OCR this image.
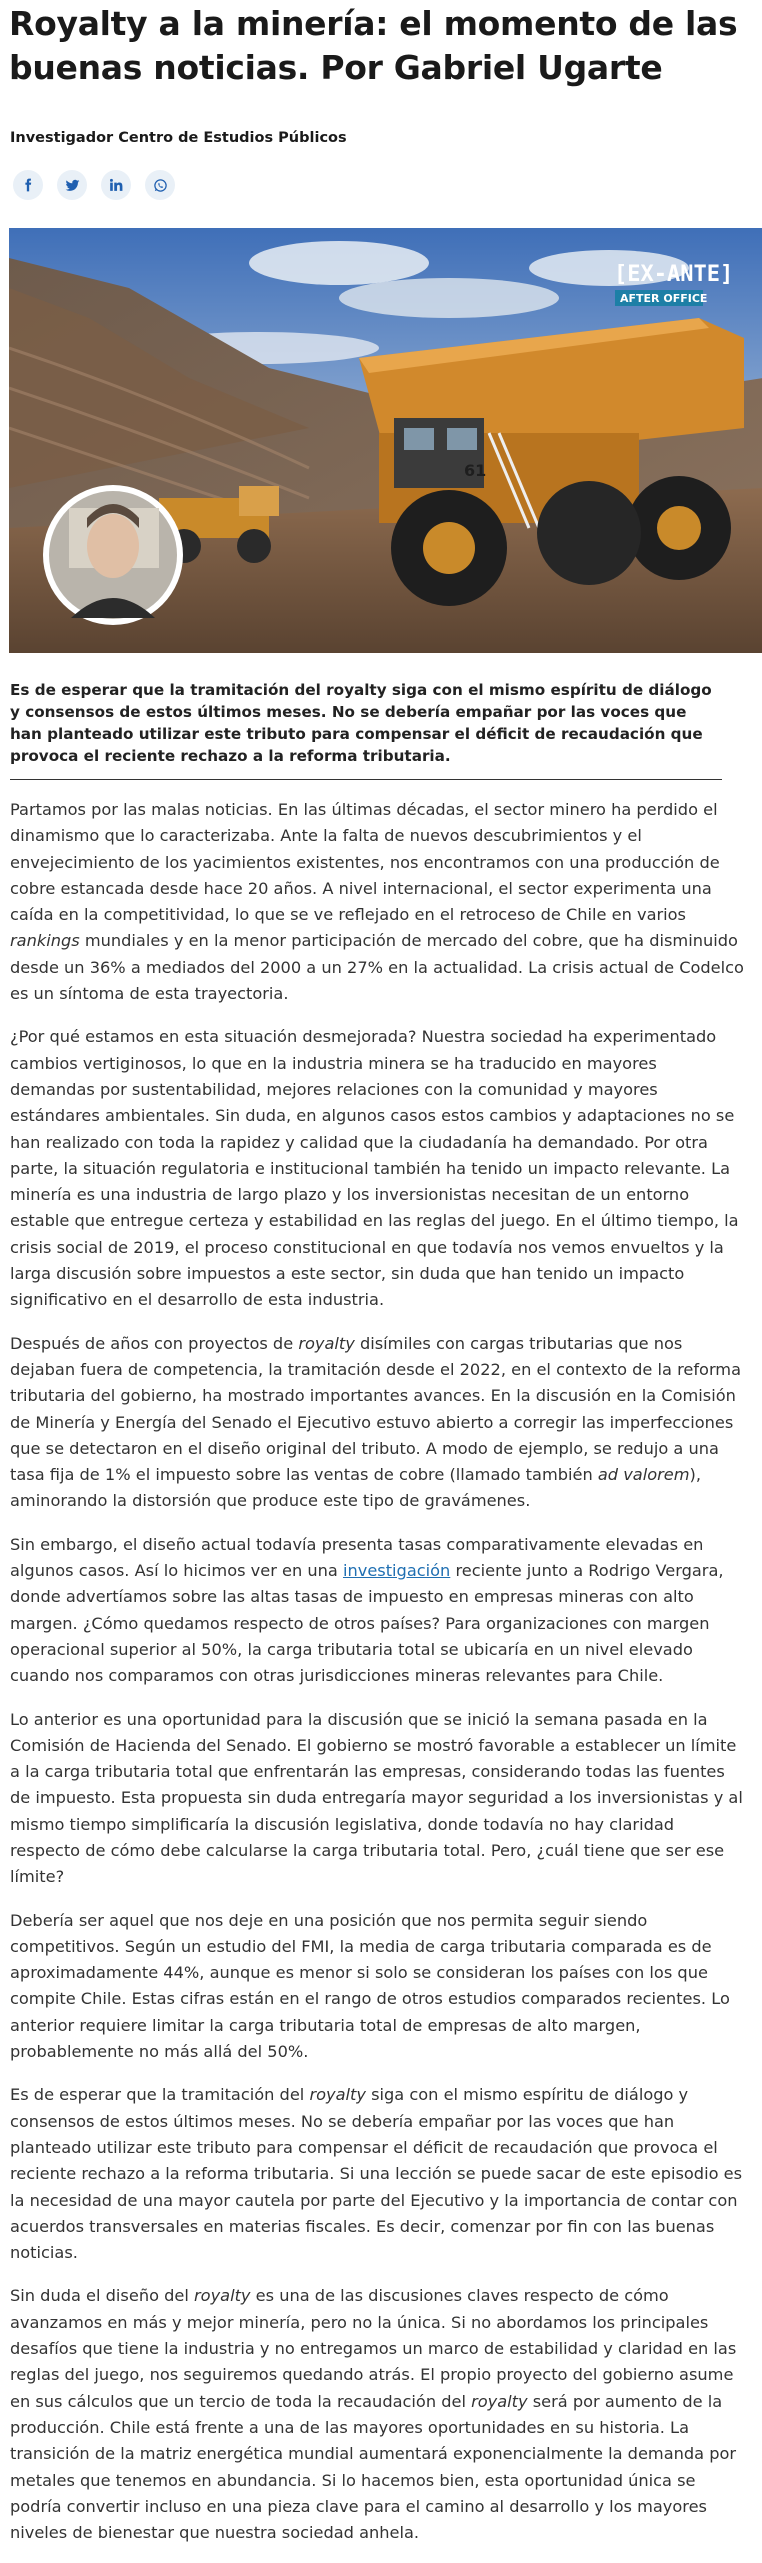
Royalty a la minería: el momento de las buenas noticias. Por Gabriel Ugarte
Investigador Centro de Estudios Públicos
61
[EX-ANTE]
AFTER OFFICE
Es de esperar que la tramitación del royalty siga con el mismo espíritu de diálogo y consensos de estos últimos meses. No se debería empañar por las voces que han planteado utilizar este tributo para compensar el déficit de recaudación que provoca el reciente rechazo a la reforma tributaria.

Partamos por las malas noticias. En las últimas décadas, el sector minero ha perdido el dinamismo que lo caracterizaba. Ante la falta de nuevos descubrimientos y el envejecimiento de los yacimientos existentes, nos encontramos con una producción de cobre estancada desde hace 20 años. A nivel internacional, el sector experimenta una caída en la competitividad, lo que se ve reflejado en el retroceso de Chile en varios rankings mundiales y en la menor participación de mercado del cobre, que ha disminuido desde un 36% a mediados del 2000 a un 27% en la actualidad. La crisis actual de Codelco es un síntoma de esta trayectoria.

¿Por qué estamos en esta situación desmejorada? Nuestra sociedad ha experimentado cambios vertiginosos, lo que en la industria minera se ha traducido en mayores demandas por sustentabilidad, mejores relaciones con la comunidad y mayores estándares ambientales. Sin duda, en algunos casos estos cambios y adaptaciones no se han realizado con toda la rapidez y calidad que la ciudadanía ha demandado. Por otra parte, la situación regulatoria e institucional también ha tenido un impacto relevante. La minería es una industria de largo plazo y los inversionistas necesitan de un entorno estable que entregue certeza y estabilidad en las reglas del juego. En el último tiempo, la crisis social de 2019, el proceso constitucional en que todavía nos vemos envueltos y la larga discusión sobre impuestos a este sector, sin duda que han tenido un impacto significativo en el desarrollo de esta industria.

Después de años con proyectos de royalty disímiles con cargas tributarias que nos dejaban fuera de competencia, la tramitación desde el 2022, en el contexto de la reforma tributaria del gobierno, ha mostrado importantes avances. En la discusión en la Comisión de Minería y Energía del Senado el Ejecutivo estuvo abierto a corregir las imperfecciones que se detectaron en el diseño original del tributo. A modo de ejemplo, se redujo a una tasa fija de 1% el impuesto sobre las ventas de cobre (llamado también ad valorem), aminorando la distorsión que produce este tipo de gravámenes.

Sin embargo, el diseño actual todavía presenta tasas comparativamente elevadas en algunos casos. Así lo hicimos ver en una investigación reciente junto a Rodrigo Vergara, donde advertíamos sobre las altas tasas de impuesto en empresas mineras con alto margen. ¿Cómo quedamos respecto de otros países? Para organizaciones con margen operacional superior al 50%, la carga tributaria total se ubicaría en un nivel elevado cuando nos comparamos con otras jurisdicciones mineras relevantes para Chile.

Lo anterior es una oportunidad para la discusión que se inició la semana pasada en la Comisión de Hacienda del Senado. El gobierno se mostró favorable a establecer un límite a la carga tributaria total que enfrentarán las empresas, considerando todas las fuentes de impuesto. Esta propuesta sin duda entregaría mayor seguridad a los inversionistas y al mismo tiempo simplificaría la discusión legislativa, donde todavía no hay claridad respecto de cómo debe calcularse la carga tributaria total. Pero, ¿cuál tiene que ser ese límite?

Debería ser aquel que nos deje en una posición que nos permita seguir siendo competitivos. Según un estudio del FMI, la media de carga tributaria comparada es de aproximadamente 44%, aunque es menor si solo se consideran los países con los que compite Chile. Estas cifras están en el rango de otros estudios comparados recientes. Lo anterior requiere limitar la carga tributaria total de empresas de alto margen, probablemente no más allá del 50%.

Es de esperar que la tramitación del royalty siga con el mismo espíritu de diálogo y consensos de estos últimos meses. No se debería empañar por las voces que han planteado utilizar este tributo para compensar el déficit de recaudación que provoca el reciente rechazo a la reforma tributaria. Si una lección se puede sacar de este episodio es la necesidad de una mayor cautela por parte del Ejecutivo y la importancia de contar con acuerdos transversales en materias fiscales. Es decir, comenzar por fin con las buenas noticias.

Sin duda el diseño del royalty es una de las discusiones claves respecto de cómo avanzamos en más y mejor minería, pero no la única. Si no abordamos los principales desafíos que tiene la industria y no entregamos un marco de estabilidad y claridad en las reglas del juego, nos seguiremos quedando atrás. El propio proyecto del gobierno asume en sus cálculos que un tercio de toda la recaudación del royalty será por aumento de la producción. Chile está frente a una de las mayores oportunidades en su historia. La transición de la matriz energética mundial aumentará exponencialmente la demanda por metales que tenemos en abundancia. Si lo hacemos bien, esta oportunidad única se podría convertir incluso en una pieza clave para el camino al desarrollo y los mayores niveles de bienestar que nuestra sociedad anhela.
